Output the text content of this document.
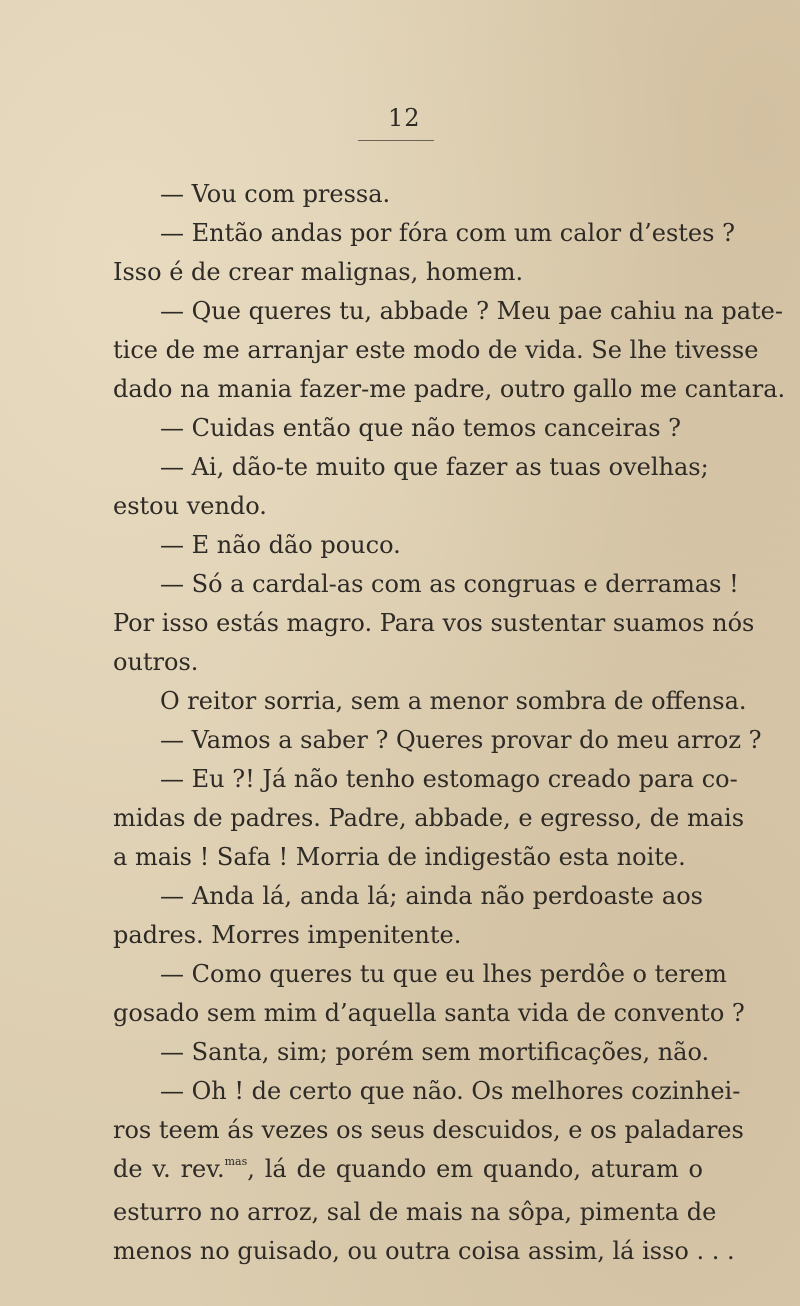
12
— Vou com pressa.
— Então andas por fóra com um calor d’estes ?
Isso é de crear malignas, homem.
— Que queres tu, abbade ? Meu pae cahiu na pate-
tice de me arranjar este modo de vida. Se lhe tivesse
dado na mania fazer-me padre, outro gallo me cantara.
— Cuidas então que não temos canceiras ?
— Ai, dão-te muito que fazer as tuas ovelhas;
estou vendo.
— E não dão pouco.
— Só a cardal-as com as congruas e derramas !
Por isso estás magro. Para vos sustentar suamos nós
outros.
O reitor sorria, sem a menor sombra de offensa.
— Vamos a saber ? Queres provar do meu arroz ?
— Eu ?! Já não tenho estomago creado para co-
midas de padres. Padre, abbade, e egresso, de mais
a mais ! Safa ! Morria de indigestão esta noite.
— Anda lá, anda lá; ainda não perdoaste aos
padres. Morres impenitente.
— Como queres tu que eu lhes perdôe o terem
gosado sem mim d’aquella santa vida de convento ?
— Santa, sim; porém sem mortificações, não.
— Oh ! de certo que não. Os melhores cozinhei-
ros teem ás vezes os seus descuidos, e os paladares
de v. rev.$^{mas}$, lá de quando em quando, aturam o
esturro no arroz, sal de mais na sôpa, pimenta de
menos no guisado, ou outra coisa assim, lá isso . . .
